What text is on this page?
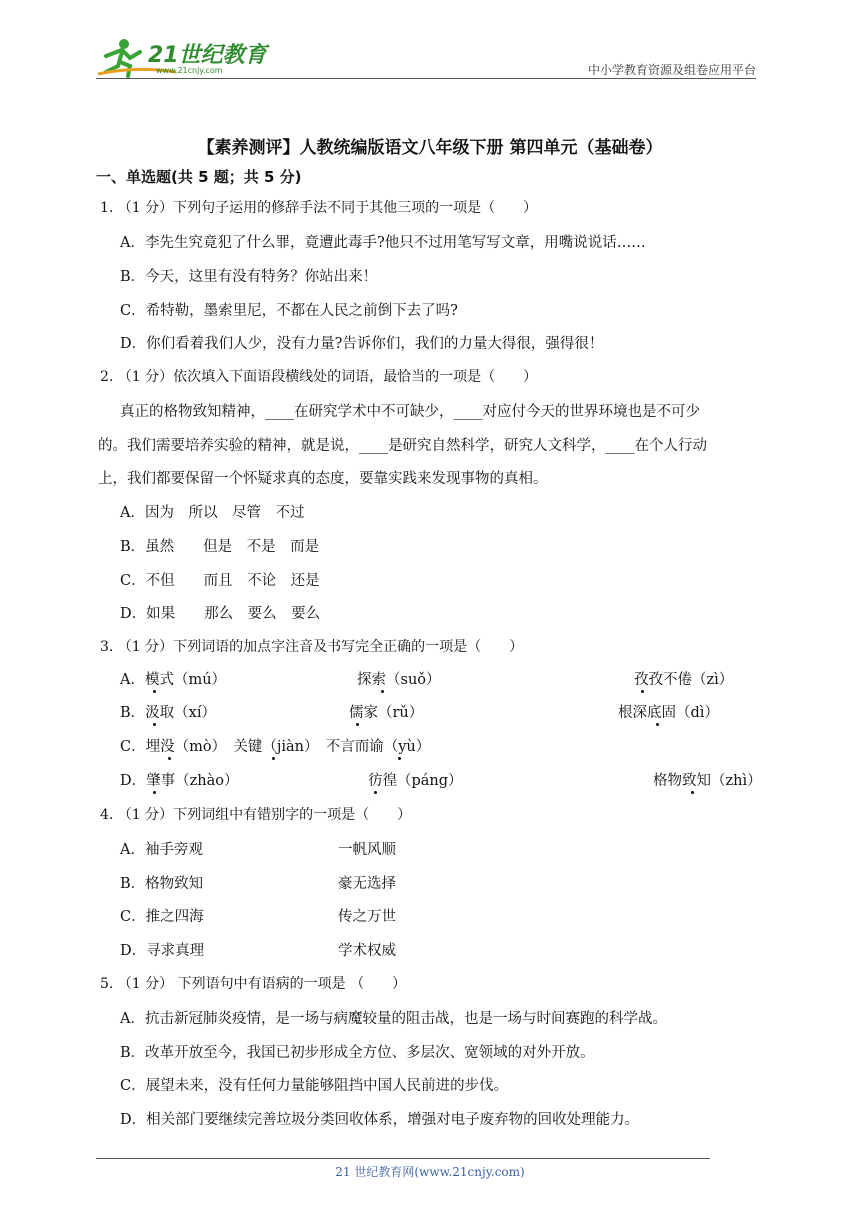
21世纪教育
www.21cnjy.com	中小学教育资源及组卷应用平台
【素养测评】人教统编版语文八年级下册 第四单元（基础卷）
一、单选题(共 5 题；共 5 分)
1. （1 分）下列句子运用的修辞手法不同于其他三项的一项是（　　）
A．李先生究竟犯了什么罪，竟遭此毒手?他只不过用笔写写文章，用嘴说说话……
B．今天，这里有没有特务？你站出来！
C．希特勒，墨索里尼，不都在人民之前倒下去了吗?
D．你们看着我们人少，没有力量?告诉你们，我们的力量大得很，强得很！
2. （1 分）依次填入下面语段横线处的词语，最恰当的一项是（　　）
真正的格物致知精神，____在研究学术中不可缺少，____对应付今天的世界环境也是不可少
的。我们需要培养实验的精神，就是说，____是研究自然科学，研究人文科学，____在个人行动
上，我们都要保留一个怀疑求真的态度，要靠实践来发现事物的真相。
A．因为　所以　尽管　不过
B．虽然　　但是　不是　而是
C．不但　　而且　不论　还是
D．如果　　那么　要么　要么
3. （1 分）下列词语的加点字注音及书写完全正确的一项是（　　）
A．模式（mú）	探索（suǒ）	孜孜不倦（zì）
B．汲取（xí）	儒家（rǔ）	根深底固（dì）
C．埋没（mò）　关键（jiàn）　不言而谕（yù）
D．肇事（zhào）	彷徨（páng）	格物致知（zhì）
4. （1 分）下列词组中有错别字的一项是（　　）
A．袖手旁观	一帆风顺
B．格物致知	豪无选择
C．推之四海	传之万世
D．寻求真理	学术权威
5. （1 分） 下列语句中有语病的一项是 （　　）
A．抗击新冠肺炎疫情，是一场与病魔较量的阻击战，也是一场与时间赛跑的科学战。
B．改革开放至今，我国已初步形成全方位、多层次、宽领域的对外开放。
C．展望未来，没有任何力量能够阻挡中国人民前进的步伐。
D．相关部门要继续完善垃圾分类回收体系，增强对电子废弃物的回收处理能力。
21 世纪教育网(www.21cnjy.com)
